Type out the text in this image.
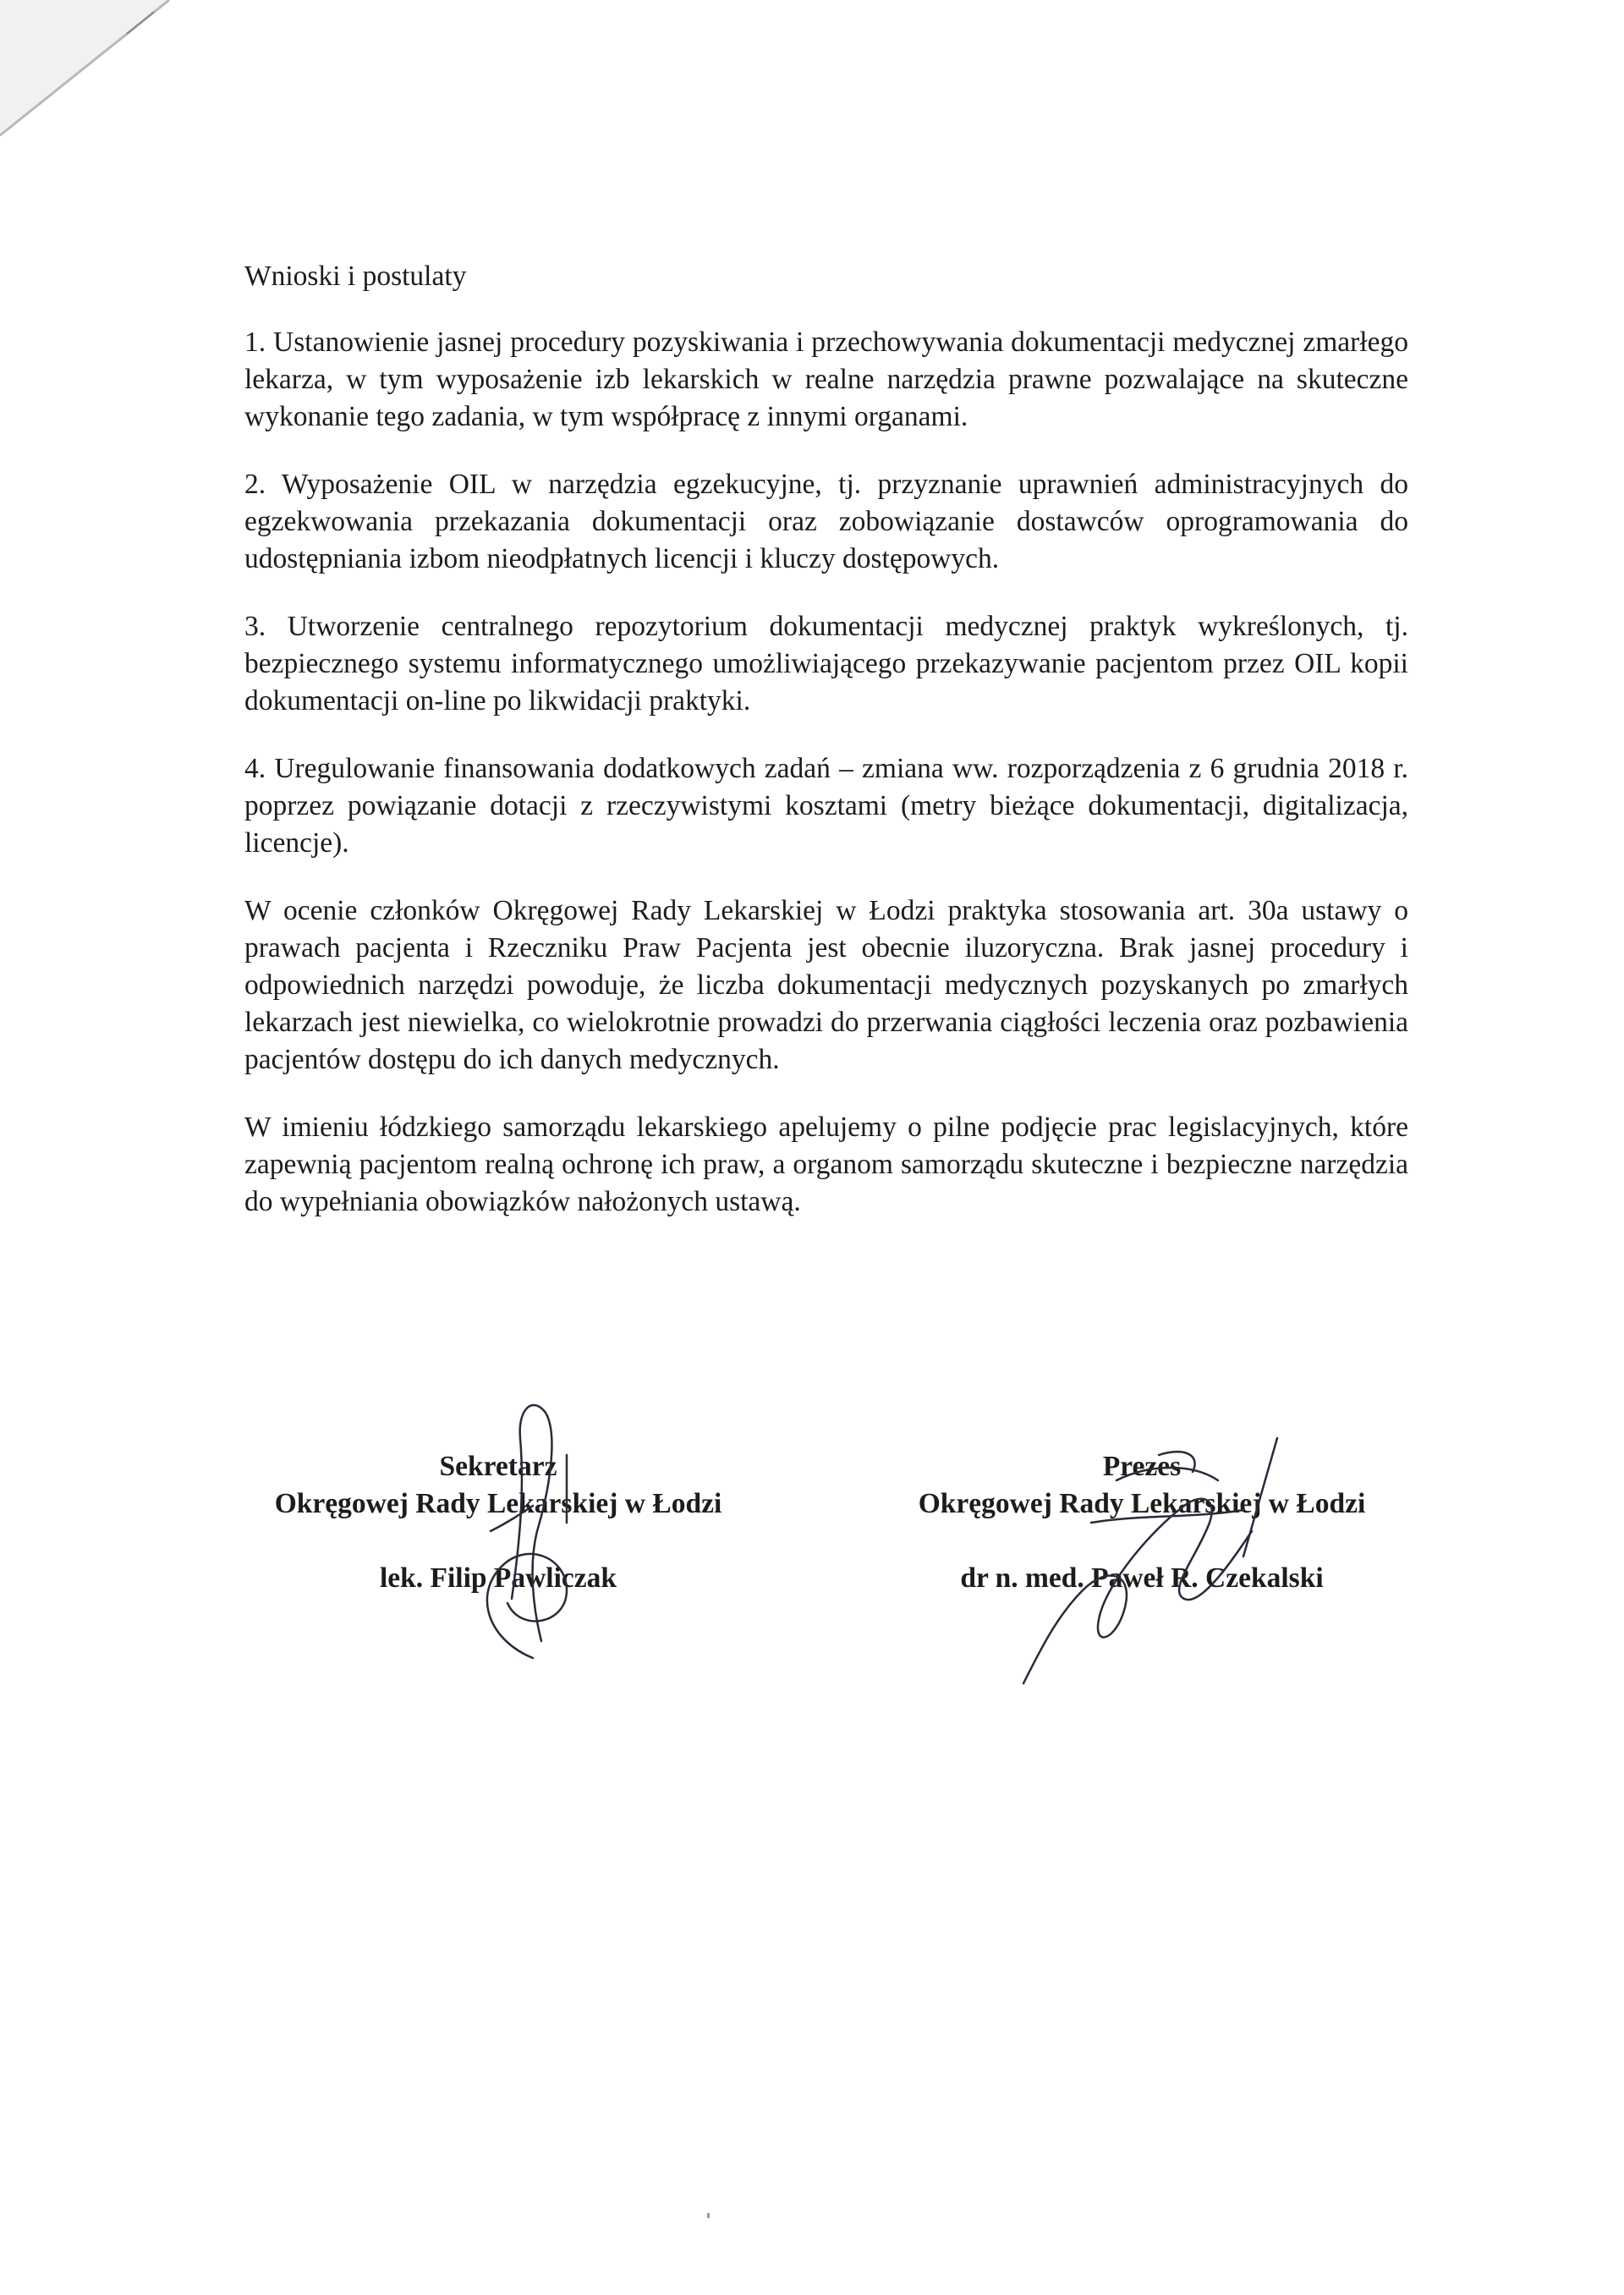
Wnioski i postulaty

1. Ustanowienie jasnej procedury pozyskiwania i przechowywania dokumentacji medycznej zmarłego lekarza, w tym wyposażenie izb lekarskich w realne narzędzia prawne pozwalające na skuteczne wykonanie tego zadania, w tym współpracę z innymi organami.

2. Wyposażenie OIL w narzędzia egzekucyjne, tj. przyznanie uprawnień administracyjnych do egzekwowania przekazania dokumentacji oraz zobowiązanie dostawców oprogramowania do udostępniania izbom nieodpłatnych licencji i kluczy dostępowych.

3. Utworzenie centralnego repozytorium dokumentacji medycznej praktyk wykreślonych, tj. bezpiecznego systemu informatycznego umożliwiającego przekazywanie pacjentom przez OIL kopii dokumentacji on-line po likwidacji praktyki.

4. Uregulowanie finansowania dodatkowych zadań – zmiana ww. rozporządzenia z 6 grudnia 2018 r. poprzez powiązanie dotacji z rzeczywistymi kosztami (metry bieżące dokumentacji, digitalizacja, licencje).

W ocenie członków Okręgowej Rady Lekarskiej w Łodzi praktyka stosowania art. 30a ustawy o prawach pacjenta i Rzeczniku Praw Pacjenta jest obecnie iluzoryczna. Brak jasnej procedury i odpowiednich narzędzi powoduje, że liczba dokumentacji medycznych pozyskanych po zmarłych lekarzach jest niewielka, co wielokrotnie prowadzi do przerwania ciągłości leczenia oraz pozbawienia pacjentów dostępu do ich danych medycznych.

W imieniu łódzkiego samorządu lekarskiego apelujemy o pilne podjęcie prac legislacyjnych, które zapewnią pacjentom realną ochronę ich praw, a organom samorządu skuteczne i bezpieczne narzędzia do wypełniania obowiązków nałożonych ustawą.

Sekretarz

Okręgowej Rady Lekarskiej w Łodzi

lek. Filip Pawliczak

Prezes

Okręgowej Rady Lekarskiej w Łodzi

dr n. med. Paweł R. Czekalski
